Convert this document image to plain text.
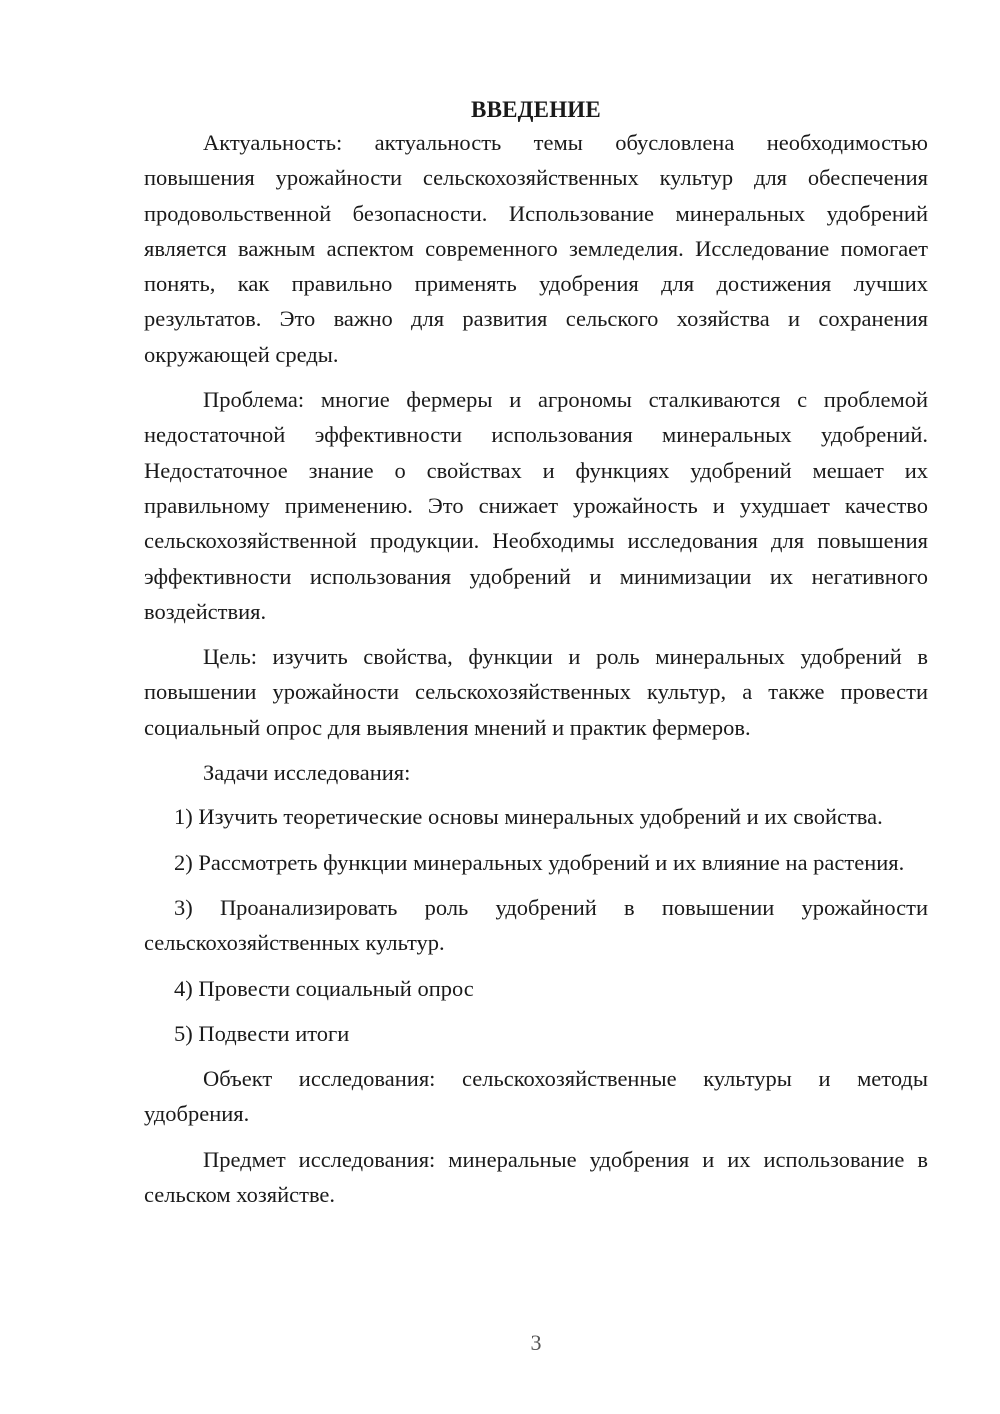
ВВЕДЕНИЕ

Актуальность: актуальность темы обусловлена необходимостью повышения урожайности сельскохозяйственных культур для обеспечения продовольственной безопасности. Использование минеральных удобрений является важным аспектом современного земледелия. Исследование помогает понять, как правильно применять удобрения для достижения лучших результатов. Это важно для развития сельского хозяйства и сохранения окружающей среды.

Проблема: многие фермеры и агрономы сталкиваются с проблемой недостаточной эффективности использования минеральных удобрений. Недостаточное знание о свойствах и функциях удобрений мешает их правильному применению. Это снижает урожайность и ухудшает качество сельскохозяйственной продукции. Необходимы исследования для повышения эффективности использования удобрений и минимизации их негативного воздействия.

Цель: изучить свойства, функции и роль минеральных удобрений в повышении урожайности сельскохозяйственных культур, а также провести социальный опрос для выявления мнений и практик фермеров.

Задачи исследования:

1) Изучить теоретические основы минеральных удобрений и их свойства.

2) Рассмотреть функции минеральных удобрений и их влияние на растения.

3) Проанализировать роль удобрений в повышении урожайности сельскохозяйственных культур.

4) Провести социальный опрос

5) Подвести итоги

Объект исследования: сельскохозяйственные культуры и методы удобрения.

Предмет исследования: минеральные удобрения и их использование в сельском хозяйстве.

3
